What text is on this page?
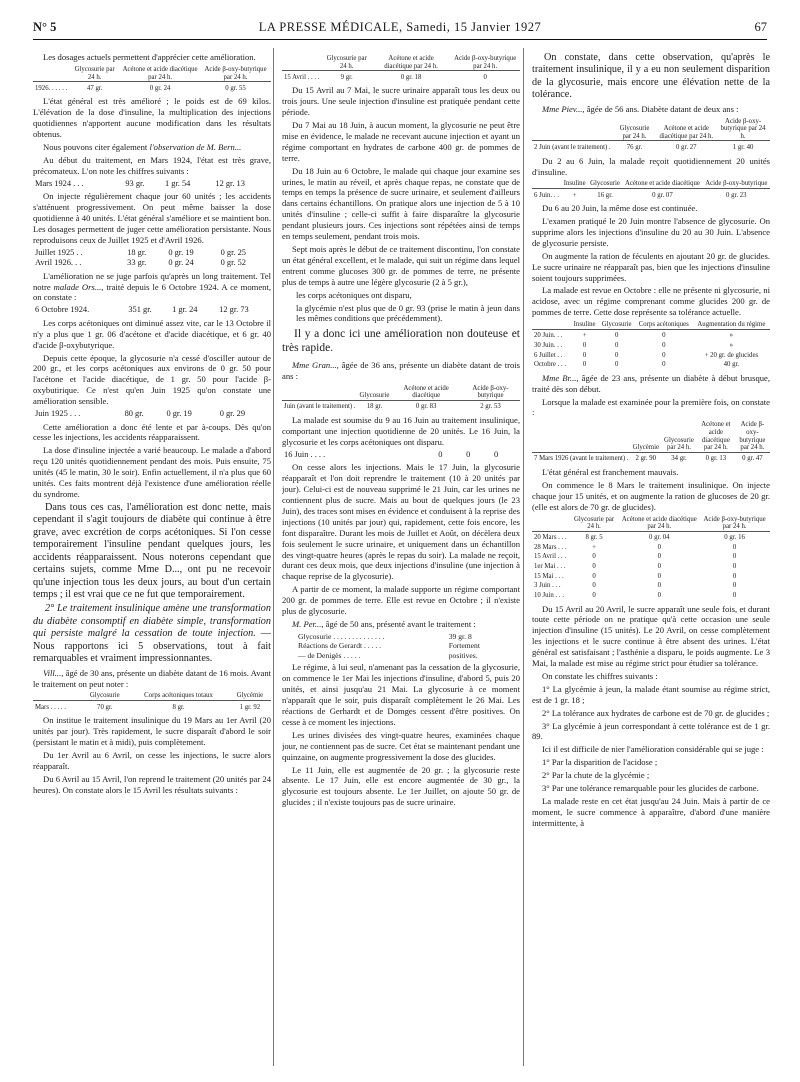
N° 5	LA PRESSE MÉDICALE, Samedi, 15 Janvier 1927	67

Les dosages actuels permettent d'apprécier cette amélioration.

	Glycosurie par 24 h.	Acétone et acide diacétique par 24 h.	Acide β-oxy-butyrique par 24 h.

1926. . . . . .	47 gr.	0 gr. 24	0 gr. 55

L'état général est très amélioré ; le poids est de 69 kilos. L'élévation de la dose d'insuline, la multiplication des injections quotidiennes n'apportent aucune modification dans les résultats obtenus.

Nous pouvons citer également l'observation de M. Bern...

Au début du traitement, en Mars 1924, l'état est très grave, précomateux. L'on note les chiffres suivants :

Mars 1924 . . .	93 gr.	1 gr. 54	12 gr. 13

On injecte régulièrement chaque jour 60 unités ; les accidents s'atténuent progressivement. On peut même baisser la dose quotidienne à 40 unités. L'état général s'améliore et se maintient bon. Les dosages permettent de juger cette amélioration persistante. Nous reproduisons ceux de Juillet 1925 et d'Avril 1926.

Juillet 1925 . .	18 gr.	0 gr. 19	0 gr. 25
Avril 1926. . .	33 gr.	0 gr. 24	0 gr. 52

L'amélioration ne se juge parfois qu'après un long traitement. Tel notre malade Ors..., traité depuis le 6 Octobre 1924. A ce moment, on constate :

6 Octobre 1924.	351 gr.	1 gr. 24	12 gr. 73

Les corps acétoniques ont diminué assez vite, car le 13 Octobre il n'y a plus que 1 gr. 06 d'acétone et d'acide diacétique, et 6 gr. 40 d'acide β-oxybutyrique.

Depuis cette époque, la glycosurie n'a cessé d'osciller autour de 200 gr., et les corps acétoniques aux environs de 0 gr. 50 pour l'acétone et l'acide diacétique, de 1 gr. 50 pour l'acide β-oxybutirique. Ce n'est qu'en Juin 1925 qu'on constate une amélioration sensible.

Juin 1925 . . .	80 gr.	0 gr. 19	0 gr. 29

Cette amélioration a donc été lente et par à-coups. Dès qu'on cesse les injections, les accidents réapparaissent.

La dose d'insuline injectée a varié beaucoup. Le malade a d'abord reçu 120 unités quotidiennement pendant des mois. Puis ensuite, 75 unités (45 le matin, 30 le soir). Enfin actuellement, il n'a plus que 60 unités. Ces faits montrent déjà l'existence d'une amélioration réelle du syndrome.

Dans tous ces cas, l'amélioration est donc nette, mais cependant il s'agit toujours de diabète qui continue à être grave, avec excrétion de corps acétoniques. Si l'on cesse temporairement l'insuline pendant quelques jours, les accidents réapparaissent. Nous noterons cependant que certains sujets, comme Mme D..., ont pu ne recevoir qu'une injection tous les deux jours, au bout d'un certain temps ; il est vrai que ce ne fut que temporairement.

2° Le traitement insulinique amène une transformation du diabète consomptif en diabète simple, transformation qui persiste malgré la cessation de toute injection. — Nous rapportons ici 5 observations, tout à fait remarquables et vraiment impressionnantes.

Vill..., âgé de 30 ans, présente un diabète datant de 16 mois. Avant le traitement on peut noter :

	Glycosurie	Corps acétoniques totaux	Glycémie

Mars . . . . .	70 gr.	8 gr.	1 gr. 92

On institue le traitement insulinique du 19 Mars au 1er Avril (20 unités par jour). Très rapidement, le sucre disparaît d'abord le soir (persistant le matin et à midi), puis complètement.

Du 1er Avril au 6 Avril, on cesse les injections, le sucre alors réapparaît.

Du 6 Avril au 15 Avril, l'on reprend le traitement (20 unités par 24 heures). On constate alors le 15 Avril les résultats suivants :

	Glycosurie par 24 h.	Acétone et acide diacétique par 24 h.	Acide β-oxy-butyrique par 24 h.

15 Avril . . . .	9 gr.	0 gr. 18	0

Du 15 Avril au 7 Mai, le sucre urinaire apparaît tous les deux ou trois jours. Une seule injection d'insuline est pratiquée pendant cette période.

Du 7 Mai au 18 Juin, à aucun moment, la glycosurie ne peut être mise en évidence, le malade ne recevant aucune injection et ayant un régime comportant en hydrates de carbone 400 gr. de pommes de terre.

Du 18 Juin au 6 Octobre, le malade qui chaque jour examine ses urines, le matin au réveil, et après chaque repas, ne constate que de temps en temps la présence de sucre urinaire, et seulement d'ailleurs dans certains échantillons. On pratique alors une injection de 5 à 10 unités d'insuline ; celle-ci suffit à faire disparaître la glycosurie pendant plusieurs jours. Ces injections sont répétées ainsi de temps en temps seulement, pendant trois mois.

Sept mois après le début de ce traitement discontinu, l'on constate un état général excellent, et le malade, qui suit un régime dans lequel entrent comme glucoses 300 gr. de pommes de terre, ne présente plus de temps à autre une légère glycosurie (2 à 5 gr.),

les corps acétoniques ont disparu,

la glycémie n'est plus que de 0 gr. 93 (prise le matin à jeun dans les mêmes conditions que précédemment).

Il y a donc ici une amélioration non douteuse et très rapide.

Mme Gran..., âgée de 36 ans, présente un diabète datant de trois ans :

	Glycosurie	Acétone et acide diacétique	Acide β-oxy-butyrique

Juin (avant le traitement) .	18 gr.	0 gr. 83	2 gr. 53

La malade est soumise du 9 au 16 Juin au traitement insulinique, comportant une injection quotidienne de 20 unités. Le 16 Juin, la glycosurie et les corps acétoniques ont disparu.

16 Juin . . . .	0	0	0

On cesse alors les injections. Mais le 17 Juin, la glycosurie réapparaît et l'on doit reprendre le traitement (10 à 20 unités par jour). Celui-ci est de nouveau supprimé le 21 Juin, car les urines ne contiennent plus de sucre. Mais au bout de quelques jours (le 23 Juin), des traces sont mises en évidence et conduisent à la reprise des injections (10 unités par jour) qui, rapidement, cette fois encore, les font disparaître. Durant les mois de Juillet et Août, on décèlera deux fois seulement le sucre urinaire, et uniquement dans un échantillon des vingt-quatre heures (après le repas du soir). La malade ne reçoit, durant ces deux mois, que deux injections d'insuline (une injection à chaque reprise de la glycosurie).

A partir de ce moment, la malade supporte un régime comportant 200 gr. de pommes de terre. Elle est revue en Octobre ; il n'existe plus de glycosurie.

M. Per..., âgé de 50 ans, présenté avant le traitement :

Glycosurie . . . . . . . . . . . . . .	39 gr. 8
Réactions de Gerardt . . . . .	Fortement
— de Denigès . . . . .	positives.

Le régime, à lui seul, n'amenant pas la cessation de la glycosurie, on commence le 1er Mai les injections d'insuline, d'abord 5, puis 20 unités, et ainsi jusqu'au 21 Mai. La glycosurie à ce moment n'apparaît que le soir, puis disparaît complètement le 26 Mai. Les réactions de Gerhardt et de Domges cessent d'être positives. On cesse à ce moment les injections.

Les urines divisées des vingt-quatre heures, examinées chaque jour, ne contiennent pas de sucre. Cet état se maintenant pendant une quinzaine, on augmente progressivement la dose des glucides.

Le 11 Juin, elle est augmentée de 20 gr. ; la glycosurie reste absente. Le 17 Juin, elle est encore augmentée de 30 gr., la glycosurie est toujours absente. Le 1er Juillet, on ajoute 50 gr. de glucides ; il n'existe toujours pas de sucre urinaire.

On constate, dans cette observation, qu'après le traitement insulinique, il y a eu non seulement disparition de la glycosurie, mais encore une élévation nette de la tolérance.

Mme Piev..., âgée de 56 ans. Diabète datant de deux ans :

	Glycosurie par 24 h.	Acétone et acide diacétique par 24 h.	Acide β-oxy-butyrique par 24 h.

2 Juin (avant le traitement) .	76 gr.	0 gr. 27	1 gr. 40

Du 2 au 6 Juin, la malade reçoit quotidiennement 20 unités d'insuline.

	Insuline	Glycosurie	Acétone et acide diacétique	Acide β-oxy-butyrique

6 Juin. . .	+	16 gr.	0 gr. 07	0 gr. 23

Du 6 au 20 Juin, la même dose est continuée.

L'examen pratiqué le 20 Juin montre l'absence de glycosurie. On supprime alors les injections d'insuline du 20 au 30 Juin. L'absence de glycosurie persiste.

On augmente la ration de féculents en ajoutant 20 gr. de glucides. Le sucre urinaire ne réapparaît pas, bien que les injections d'insuline soient toujours supprimées.

La malade est revue en Octobre : elle ne présente ni glycosurie, ni acidose, avec un régime comprenant comme glucides 200 gr. de pommes de terre. Cette dose représente sa tolérance actuelle.

	Insuline	Glycosurie	Corps acétoniques	Augmentation du régime

20 Juin. . .	+	0	0	»
30 Juin. . .	0	0	0	»
6 Juillet . .	0	0	0	+ 20 gr. de glucides
Octobre . . .	0	0	0	40 gr.

Mme Br..., âgée de 23 ans, présente un diabète à début brusque, traité dès son début.

Lorsque la malade est examinée pour la première fois, on constate :

	Glycémie	Glycosurie par 24 h.	Acétone et acide diacétique par 24 h.	Acide β-oxy-butyrique par 24 h.

7 Mars 1926 (avant le traitement) .	2 gr. 90	34 gr.	0 gr. 13	0 gr. 47

L'état général est franchement mauvais.

On commence le 8 Mars le traitement insulinique. On injecte chaque jour 15 unités, et on augmente la ration de glucoses de 20 gr. (elle est alors de 70 gr. de glucides).

	Glycosurie par 24 h.	Acétone et acide diacétique par 24 h.	Acide β-oxy-butyrique par 24 h.

20 Mars . . .	8 gr. 5	0 gr. 04	0 gr. 16
28 Mars . . .	+	0	0
15 Avril . . .	0	0	0
1er Mai . . .	0	0	0
15 Mai . . .	0	0	0
3 Juin . . .	0	0	0
10 Juin . . .	0	0	0

Du 15 Avril au 20 Avril, le sucre apparaît une seule fois, et durant toute cette période on ne pratique qu'à cette occasion une seule injection d'insuline (15 unités). Le 20 Avril, on cesse complètement les injections et le sucre continue à être absent des urines. L'état général est satisfaisant ; l'asthénie a disparu, le poids augmente. Le 3 Mai, la malade est mise au régime strict pour étudier sa tolérance.

On constate les chiffres suivants :

1° La glycémie à jeun, la malade étant soumise au régime strict, est de 1 gr. 18 ;

2° La tolérance aux hydrates de carbone est de 70 gr. de glucides ;

3° La glycémie à jeun correspondant à cette tolérance est de 1 gr. 89.

Ici il est difficile de nier l'amélioration considérable qui se juge :

1° Par la disparition de l'acidose ;

2° Par la chute de la glycémie ;

3° Par une tolérance remarquable pour les glucides de carbone.

La malade reste en cet état jusqu'au 24 Juin. Mais à partir de ce moment, le sucre commence à apparaître, d'abord d'une manière intermittente, à
